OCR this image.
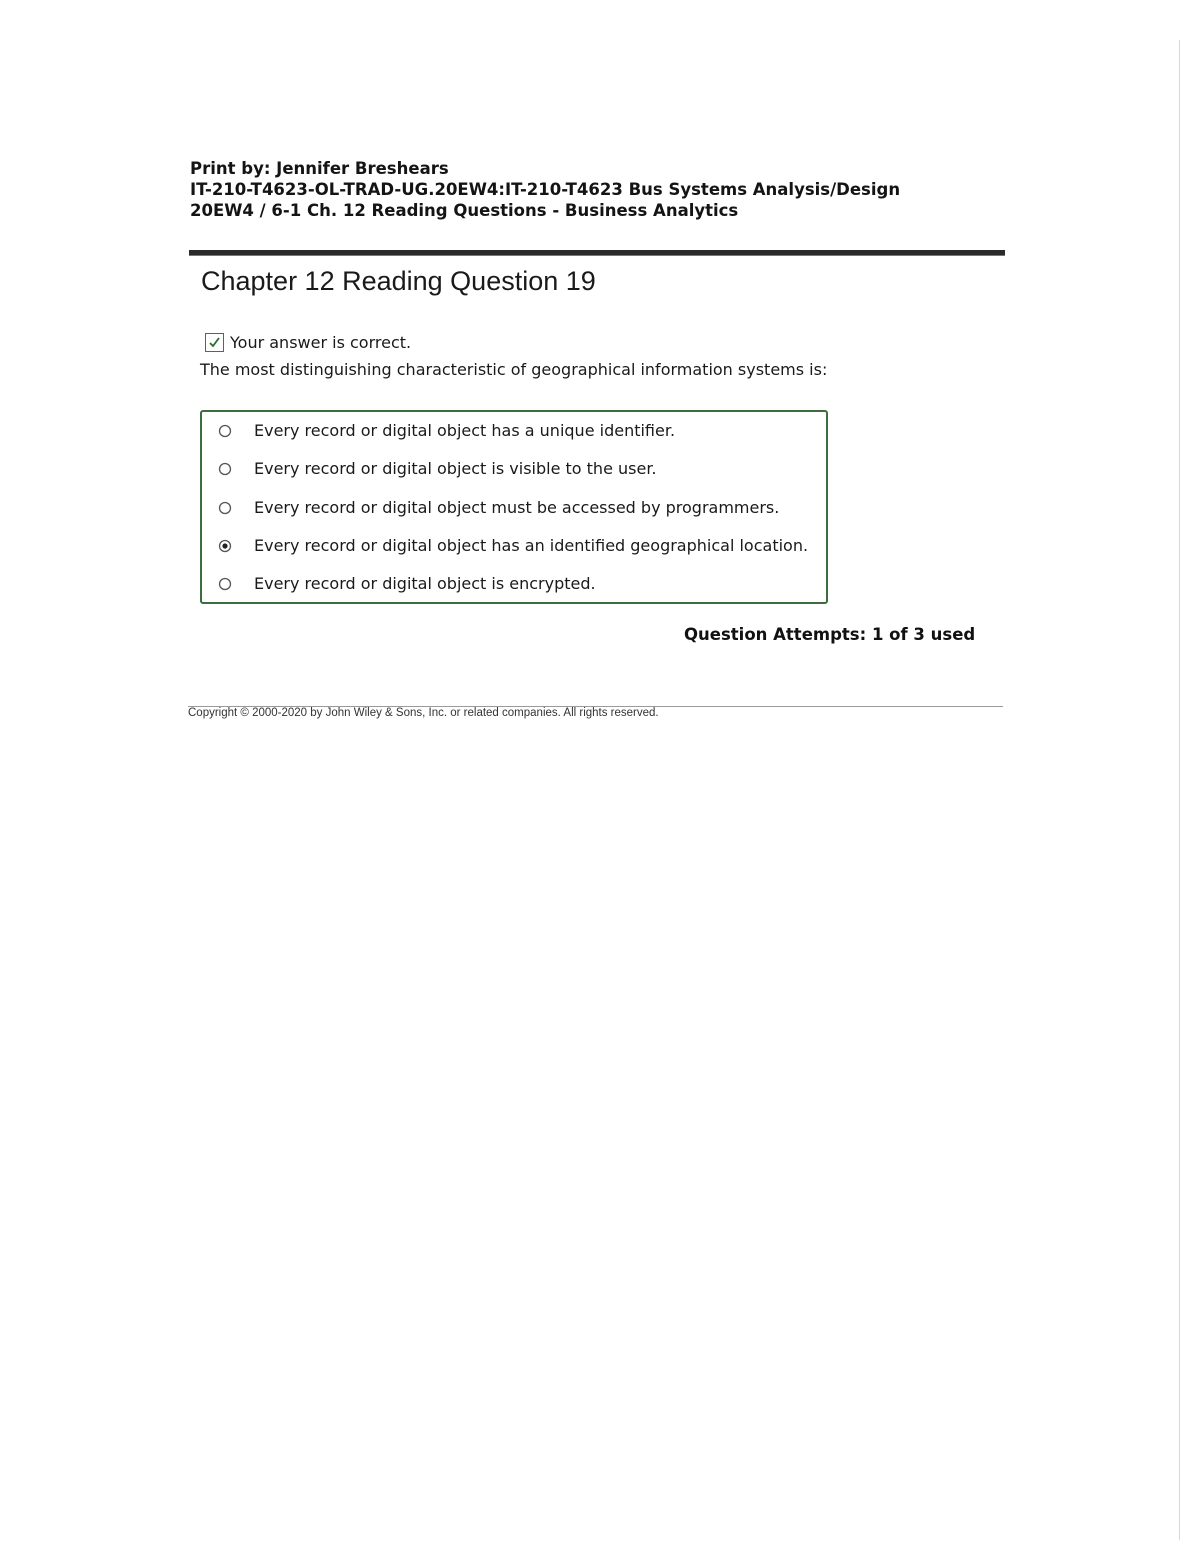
Print by: Jennifer Breshears
IT-210-T4623-OL-TRAD-UG.20EW4:IT-210-T4623 Bus Systems Analysis/Design
20EW4 / 6-1 Ch. 12 Reading Questions - Business Analytics
Chapter 12 Reading Question 19
Your answer is correct.
The most distinguishing characteristic of geographical information systems is:
Every record or digital object has a unique identifier.
Every record or digital object is visible to the user.
Every record or digital object must be accessed by programmers.
Every record or digital object has an identified geographical location.
Every record or digital object is encrypted.
Question Attempts: 1 of 3 used
Copyright © 2000-2020 by John Wiley & Sons, Inc. or related companies. All rights reserved.
